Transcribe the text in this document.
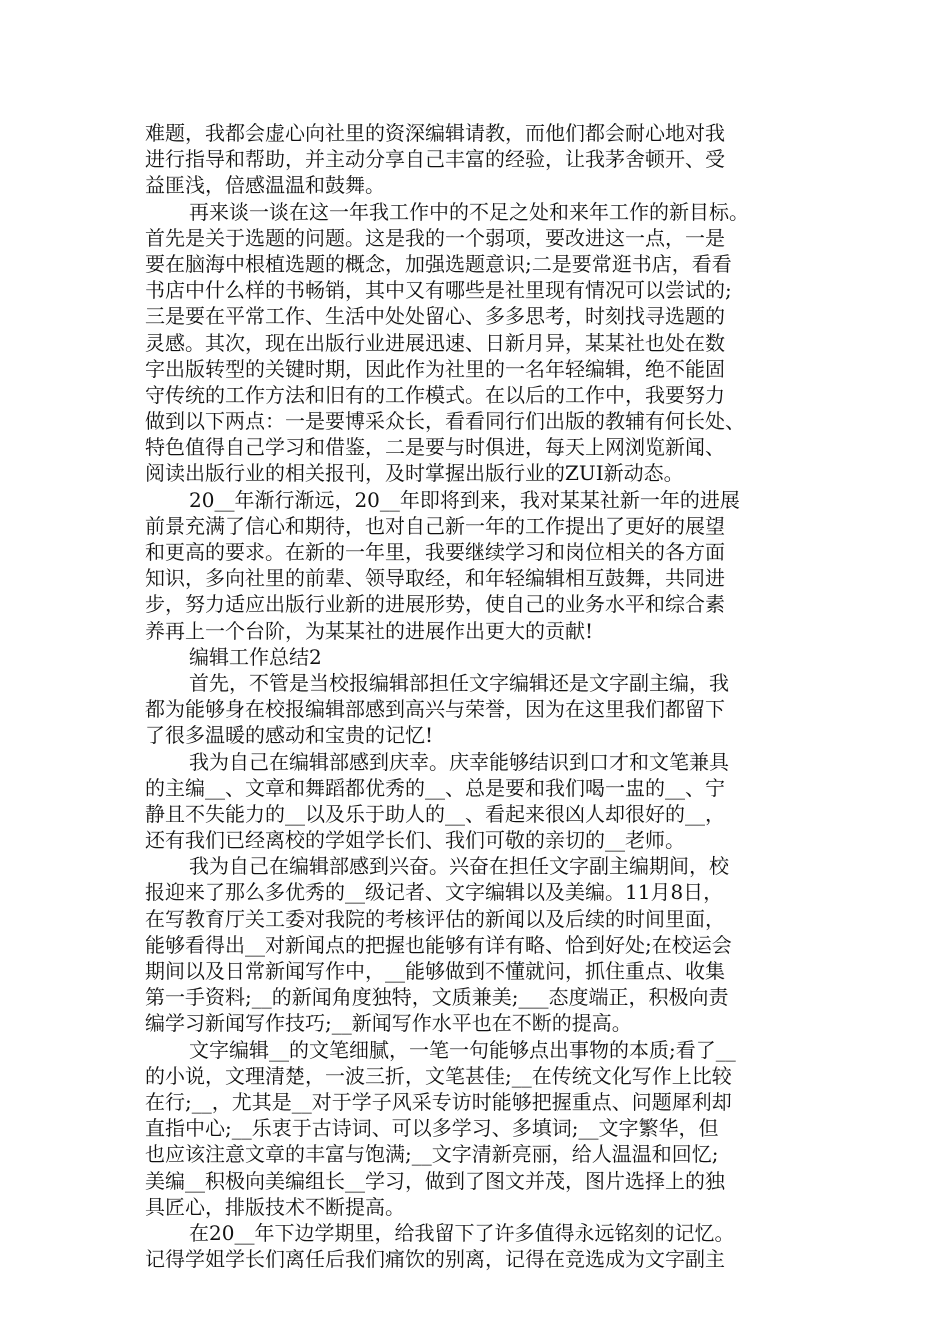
难题，我都会虚心向社里的资深编辑请教，而他们都会耐心地对我
进行指导和帮助，并主动分享自己丰富的经验，让我茅舍顿开、受
益匪浅，倍感温温和鼓舞。
再来谈一谈在这一年我工作中的不足之处和来年工作的新目标。
首先是关于选题的问题。这是我的一个弱项，要改进这一点，一是
要在脑海中根植选题的概念，加强选题意识;二是要常逛书店，看看
书店中什么样的书畅销，其中又有哪些是社里现有情况可以尝试的;
三是要在平常工作、生活中处处留心、多多思考，时刻找寻选题的
灵感。其次，现在出版行业进展迅速、日新月异，某某社也处在数
字出版转型的关键时期，因此作为社里的一名年轻编辑，绝不能固
守传统的工作方法和旧有的工作模式。在以后的工作中，我要努力
做到以下两点：一是要博采众长，看看同行们出版的教辅有何长处、
特色值得自己学习和借鉴，二是要与时俱进，每天上网浏览新闻、
阅读出版行业的相关报刊，及时掌握出版行业的ZUI新动态。
20__年渐行渐远，20__年即将到来，我对某某社新一年的进展
前景充满了信心和期待，也对自己新一年的工作提出了更好的展望
和更高的要求。在新的一年里，我要继续学习和岗位相关的各方面
知识，多向社里的前辈、领导取经，和年轻编辑相互鼓舞，共同进
步，努力适应出版行业新的进展形势，使自己的业务水平和综合素
养再上一个台阶，为某某社的进展作出更大的贡献!
编辑工作总结2
首先，不管是当校报编辑部担任文字编辑还是文字副主编，我
都为能够身在校报编辑部感到高兴与荣誉，因为在这里我们都留下
了很多温暖的感动和宝贵的记忆!
我为自己在编辑部感到庆幸。庆幸能够结识到口才和文笔兼具
的主编__、文章和舞蹈都优秀的__、总是要和我们喝一盅的__、宁
静且不失能力的__以及乐于助人的__、看起来很凶人却很好的__，
还有我们已经离校的学姐学长们、我们可敬的亲切的__老师。
我为自己在编辑部感到兴奋。兴奋在担任文字副主编期间，校
报迎来了那么多优秀的__级记者、文字编辑以及美编。11月8日，
在写教育厅关工委对我院的考核评估的新闻以及后续的时间里面，
能够看得出__对新闻点的把握也能够有详有略、恰到好处;在校运会
期间以及日常新闻写作中，__能够做到不懂就问，抓住重点、收集
第一手资料;__的新闻角度独特，文质兼美;___态度端正，积极向责
编学习新闻写作技巧;__新闻写作水平也在不断的提高。
文字编辑__的文笔细腻，一笔一句能够点出事物的本质;看了__
的小说，文理清楚，一波三折，文笔甚佳;__在传统文化写作上比较
在行;__，尤其是__对于学子风采专访时能够把握重点、问题犀利却
直指中心;__乐衷于古诗词、可以多学习、多填词;__文字繁华，但
也应该注意文章的丰富与饱满;__文字清新亮丽，给人温温和回忆;
美编__积极向美编组长__学习，做到了图文并茂，图片选择上的独
具匠心，排版技术不断提高。
在20__年下边学期里，给我留下了许多值得永远铭刻的记忆。
记得学姐学长们离任后我们痛饮的别离，记得在竞选成为文字副主
